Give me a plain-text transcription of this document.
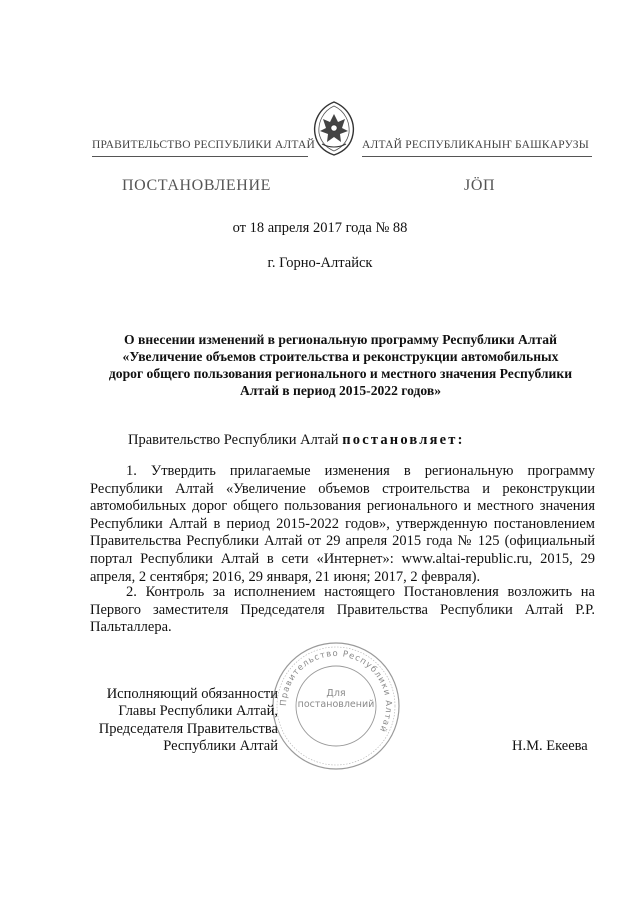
ПРАВИТЕЛЬСТВО РЕСПУБЛИКИ АЛТАЙ	АЛТАЙ РЕСПУБЛИКАНЫҤ БАШКАРУЗЫ
ПОСТАНОВЛЕНИЕ	ЈӦП
от 18 апреля 2017 года № 88
г. Горно-Алтайск
О внесении изменений в региональную программу Республики Алтай
«Увеличение объемов строительства и реконструкции автомобильных
дорог общего пользования регионального и местного значения Республики
Алтай в период 2015-2022 годов»
Правительство Республики Алтай постановляет:

1. Утвердить прилагаемые изменения в региональную программу Республики Алтай «Увеличение объемов строительства и реконструкции автомобильных дорог общего пользования регионального и местного значения Республики Алтай в период 2015-2022 годов», утвержденную постановлением Правительства Республики Алтай от 29 апреля 2015 года № 125 (официальный портал Республики Алтай в сети «Интернет»: www.altai-republic.ru, 2015, 29 апреля, 2 сентября; 2016, 29 января, 21 июня; 2017, 2 февраля).

2. Контроль за исполнением настоящего Постановления возложить на Первого заместителя Председателя Правительства Республики Алтай Р.Р. Пальталлера.

Правительство Республики Алтай
Для
постановлений
Исполняющий обязанности
Главы Республики Алтай,
Председателя Правительства
Республики Алтай	Н.М. Екеева
